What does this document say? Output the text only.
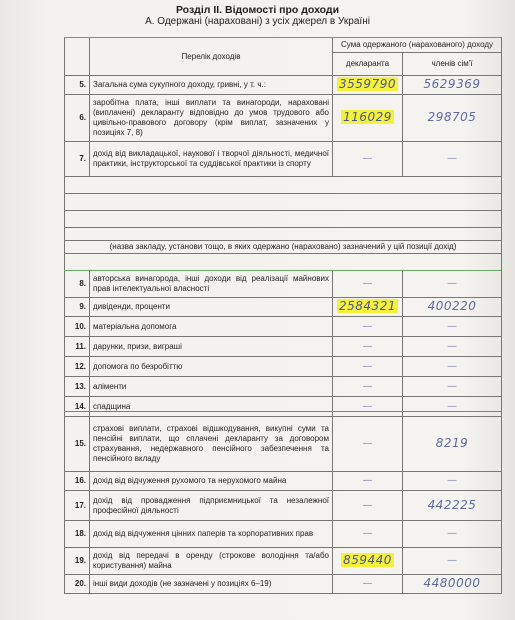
Розділ ІІ. Відомості про доходи
А. Одержані (нараховані) з усіх джерел в Україні
	Перелік доходів	Сума одержаного (нарахованого) доходу	
		декларанта	членів сім'ї
5.	Загальна сума сукупного доходу, гривні, у т. ч.:	3559790	5629369
6.	заробітна плата, інші виплати та винагороди, нараховані (виплачені) декларанту відповідно до умов трудового або цивільно-правового договору (крім виплат, зазначених у позиціях 7, 8)	116029	298705
7.	дохід від викладацької, наукової і творчої діяльності, медичної практики, інструкторської та суддівської практики із спорту	—	—

(назва закладу, установи тощо, в яких одержано (нараховано) зазначений у цій позиції дохід)			

8.	авторська винагорода, інші доходи від реалізації майнових прав інтелектуальної власності	—	—
9.	дивіденди, проценти	2584321	400220
10.	матеріальна допомога	—	—
11.	дарунки, призи, виграші	—	—
12.	допомога по безробіттю	—	—
13.	аліменти	—	—
14.	спадщина	—	—
15.	страхові виплати, страхові відшкодування, викупні суми та пенсійні виплати, що сплачені декларанту за договором страхування, недержавного пенсійного забезпечення та пенсійного вкладу	—	8219
16.	дохід від відчуження рухомого та нерухомого майна	—	—
17.	дохід від провадження підприємницької та незалежної професійної діяльності	—	442225
18.	дохід від відчуження цінних паперів та корпоративних прав	—	—
19.	дохід від передачі в оренду (строкове володіння та/або користування) майна	859440	—
20.	інші види доходів (не зазначені у позиціях 6–19)	—	4480000
